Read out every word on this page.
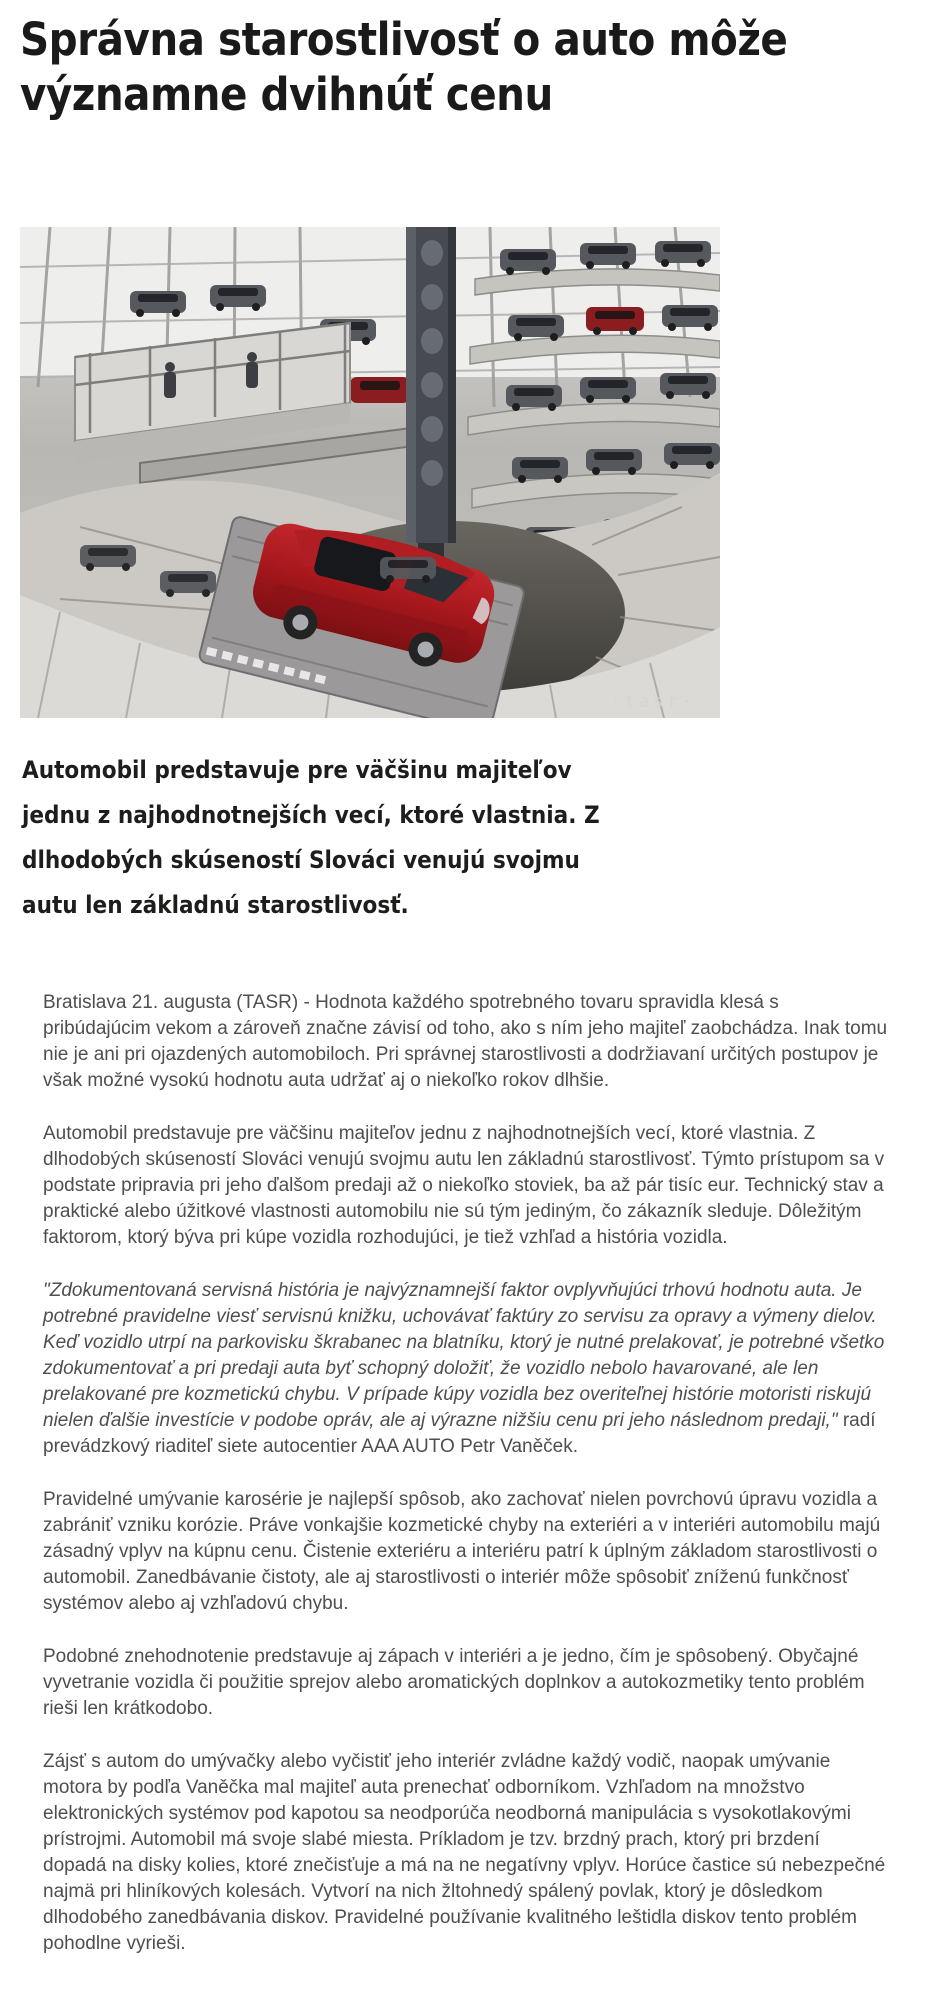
Správna starostlivosť o auto môže významne dvihnúť cenu
·tasr·

Automobil predstavuje pre väčšinu majiteľov jednu z najhodnotnejších vecí, ktoré vlastnia. Z dlhodobých skúseností Slováci venujú svojmu autu len základnú starostlivosť.

Bratislava 21. augusta (TASR) - Hodnota každého spotrebného tovaru spravidla klesá s pribúdajúcim vekom a zároveň značne závisí od toho, ako s ním jeho majiteľ zaobchádza. Inak tomu nie je ani pri ojazdených automobiloch. Pri správnej starostlivosti a dodržiavaní určitých postupov je však možné vysokú hodnotu auta udržať aj o niekoľko rokov dlhšie.

Automobil predstavuje pre väčšinu majiteľov jednu z najhodnotnejších vecí, ktoré vlastnia. Z dlhodobých skúseností Slováci venujú svojmu autu len základnú starostlivosť. Týmto prístupom sa v podstate pripravia pri jeho ďalšom predaji až o niekoľko stoviek, ba až pár tisíc eur. Technický stav a praktické alebo úžitkové vlastnosti automobilu nie sú tým jediným, čo zákazník sleduje. Dôležitým faktorom, ktorý býva pri kúpe vozidla rozhodujúci, je tiež vzhľad a história vozidla.

"Zdokumentovaná servisná história je najvýznamnejší faktor ovplyvňujúci trhovú hodnotu auta. Je potrebné pravidelne viesť servisnú knižku, uchovávať faktúry zo servisu za opravy a výmeny dielov. Keď vozidlo utrpí na parkovisku škrabanec na blatníku, ktorý je nutné prelakovať, je potrebné všetko zdokumentovať a pri predaji auta byť schopný doložiť, že vozidlo nebolo havarované, ale len prelakované pre kozmetickú chybu. V prípade kúpy vozidla bez overiteľnej histórie motoristi riskujú nielen ďalšie investície v podobe opráv, ale aj výrazne nižšiu cenu pri jeho následnom predaji," radí prevádzkový riaditeľ siete autocentier AAA AUTO Petr Vaněček.

Pravidelné umývanie karosérie je najlepší spôsob, ako zachovať nielen povrchovú úpravu vozidla a zabrániť vzniku korózie. Práve vonkajšie kozmetické chyby na exteriéri a v interiéri automobilu majú zásadný vplyv na kúpnu cenu. Čistenie exteriéru a interiéru patrí k úplným základom starostlivosti o automobil. Zanedbávanie čistoty, ale aj starostlivosti o interiér môže spôsobiť zníženú funkčnosť systémov alebo aj vzhľadovú chybu.

Podobné znehodnotenie predstavuje aj zápach v interiéri a je jedno, čím je spôsobený. Obyčajné vyvetranie vozidla či použitie sprejov alebo aromatických doplnkov a autokozmetiky tento problém rieši len krátkodobo.

Zájsť s autom do umývačky alebo vyčistiť jeho interiér zvládne každý vodič, naopak umývanie motora by podľa Vaněčka mal majiteľ auta prenechať odborníkom. Vzhľadom na množstvo elektronických systémov pod kapotou sa neodporúča neodborná manipulácia s vysokotlakovými prístrojmi. Automobil má svoje slabé miesta. Príkladom je tzv. brzdný prach, ktorý pri brzdení dopadá na disky kolies, ktoré znečisťuje a má na ne negatívny vplyv. Horúce častice sú nebezpečné najmä pri hliníkových kolesách. Vytvorí na nich žltohnedý spálený povlak, ktorý je dôsledkom dlhodobého zanedbávania diskov. Pravidelné používanie kvalitného leštidla diskov tento problém pohodlne vyrieši.
